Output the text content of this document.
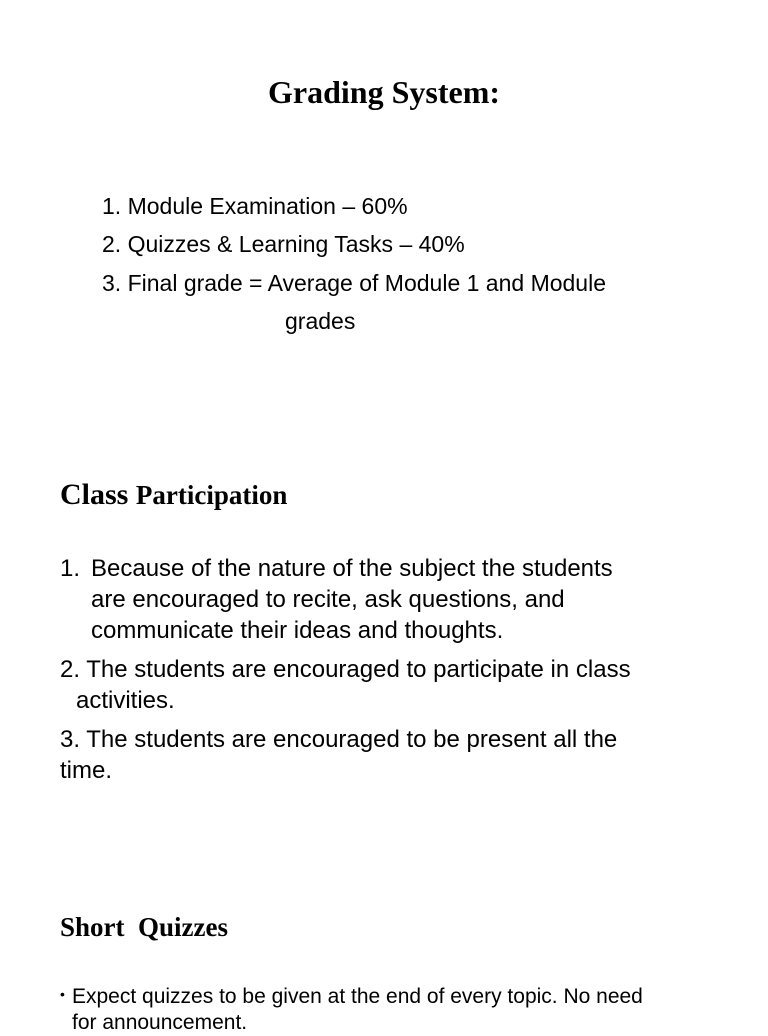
Grading System:

1. Module Examination – 60%

2. Quizzes & Learning Tasks – 40%

3. Final grade = Average of Module 1 and Module

grades

Class Participation

1. Because of the nature of the subject the students

are encouraged to recite, ask questions, and

communicate their ideas and thoughts.

2. The students are encouraged to participate in class

activities.

3. The students are encouraged to be present all the

time.

Short  Quizzes
• Expect quizzes to be given at the end of every topic. No need

for announcement.
